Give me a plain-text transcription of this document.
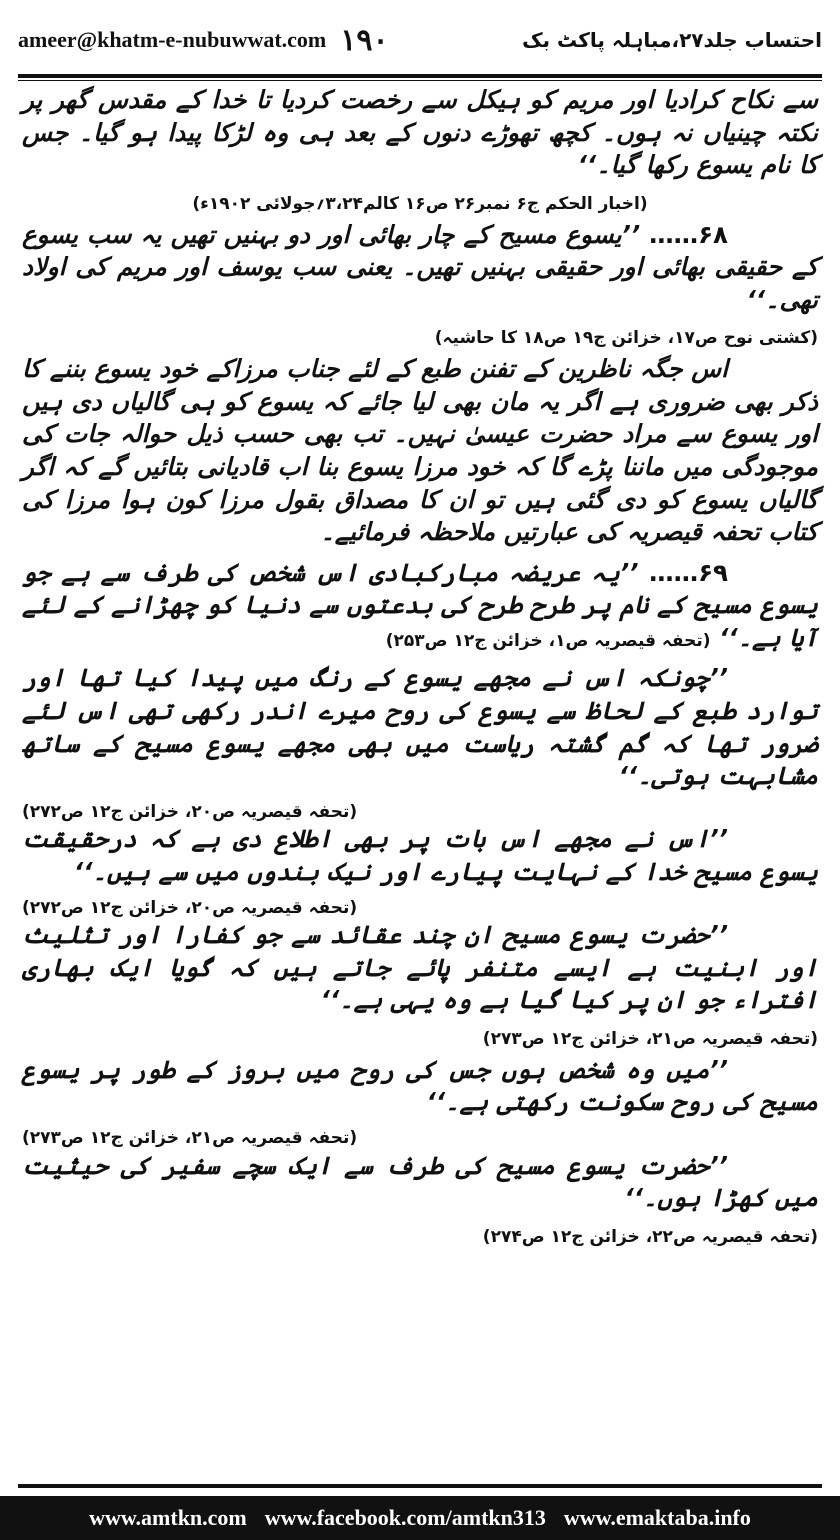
ameer@khatm-e-nubuwwat.com ۱۹۰	احتساب جلد۲۷،مباہلہ پاکٹ بک

سے نکاح کرادیا اور مریم کو ہیکل سے رخصت کردیا تا خدا کے مقدس گھر پر نکتہ چینیاں نہ ہوں۔ کچھ تھوڑے دنوں کے بعد ہی وہ لڑکا پیدا ہو گیا۔ جس کا نام یسوع رکھا گیا۔‘‘

(اخبار الحکم ج۶ نمبر۲۶ ص۱۶ کالم۳،۲۴؍جولائی ۱۹۰۲ء)

۶۸…… ’’یسوع مسیح کے چار بھائی اور دو بہنیں تھیں یہ سب یسوع کے حقیقی بھائی اور حقیقی بہنیں تھیں۔ یعنی سب یوسف اور مریم کی اولاد تھی۔‘‘

(کشتی نوح ص۱۷، خزائن ج۱۹ ص۱۸ کا حاشیہ)

اس جگہ ناظرین کے تفنن طبع کے لئے جناب مرزاکے خود یسوع بننے کا ذکر بھی ضروری ہے اگر یہ مان بھی لیا جائے کہ یسوع کو ہی گالیاں دی ہیں اور یسوع سے مراد حضرت عیسیٰ نہیں۔ تب بھی حسب ذیل حوالہ جات کی موجودگی میں ماننا پڑے گا کہ خود مرزا یسوع بنا اب قادیانی بتائیں گے کہ اگر گالیاں یسوع کو دی گئی ہیں تو ان کا مصداق بقول مرزا کون ہوا مرزا کی کتاب تحفہ قیصریہ کی عبارتیں ملاحظہ فرمائیے۔

۶۹…… ’’یہ عریضہ مبارکبادی اس شخص کی طرف سے ہے جو یسوع مسیح کے نام پر طرح طرح کی بدعتوں سے دنیا کو چھڑانے کے لئے آیا ہے۔‘‘ (تحفہ قیصریہ ص۱، خزائن ج۱۲ ص۲۵۳)

’’چونکہ اس نے مجھے یسوع کے رنگ میں پیدا کیا تھا اور توارد طبع کے لحاظ سے یسوع کی روح میرے اندر رکھی تھی اس لئے ضرور تھا کہ گم گشتہ ریاست میں بھی مجھے یسوع مسیح کے ساتھ مشابہت ہوتی۔‘‘

(تحفہ قیصریہ ص۲۰، خزائن ج۱۲ ص۲۷۲)

’’اس نے مجھے اس بات پر بھی اطلاع دی ہے کہ درحقیقت یسوع مسیح خدا کے نہایت پیارے اور نیک بندوں میں سے ہیں۔‘‘

(تحفہ قیصریہ ص۲۰، خزائن ج۱۲ ص۲۷۲)

’’حضرت یسوع مسیح ان چند عقائد سے جو کفارا اور تثلیث اور ابنیت ہے ایسے متنفر پائے جاتے ہیں کہ گویا ایک بھاری افتراء جو ان پر کیا گیا ہے وہ یہی ہے۔‘‘

(تحفہ قیصریہ ص۲۱، خزائن ج۱۲ ص۲۷۳)

’’میں وہ شخص ہوں جس کی روح میں بروز کے طور پر یسوع مسیح کی روح سکونت رکھتی ہے۔‘‘

(تحفہ قیصریہ ص۲۱، خزائن ج۱۲ ص۲۷۳)

’’حضرت یسوع مسیح کی طرف سے ایک سچے سفیر کی حیثیت میں کھڑا ہوں۔‘‘

(تحفہ قیصریہ ص۲۲، خزائن ج۱۲ ص۲۷۴)
www.amtkn.com www.facebook.com/amtkn313 www.emaktaba.info
